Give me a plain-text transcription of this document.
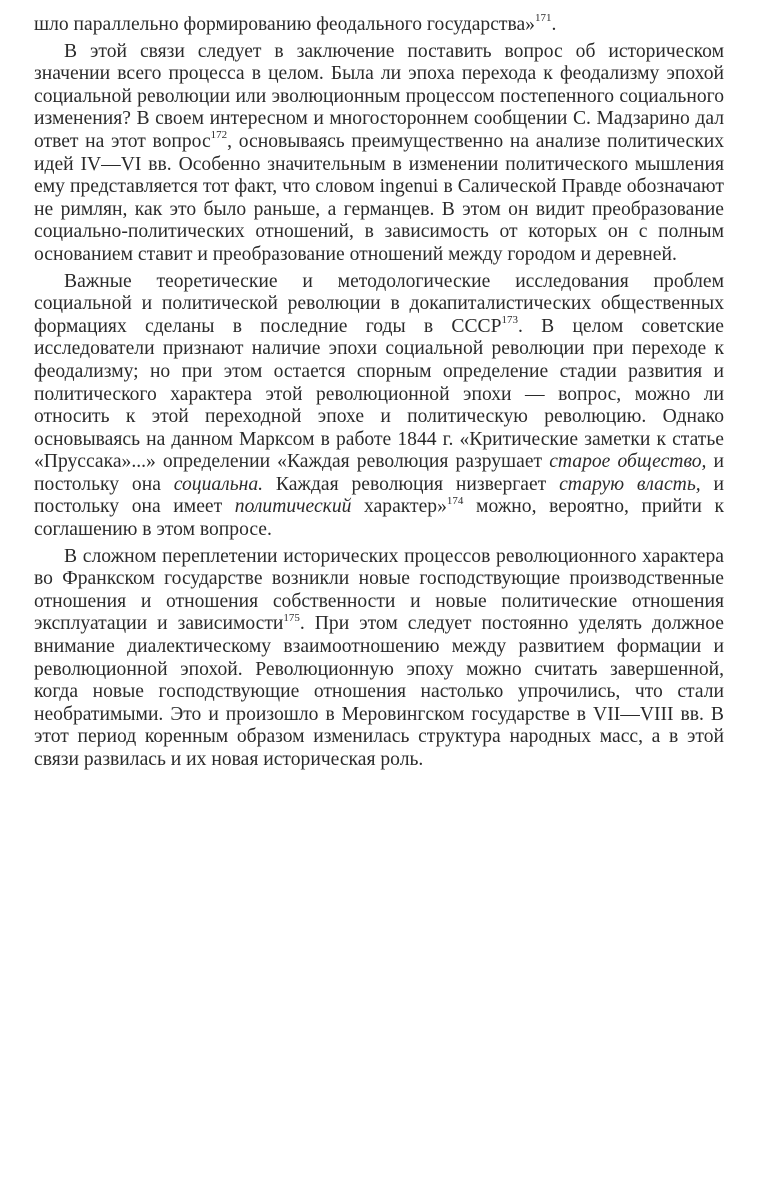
шло параллельно формированию феодального государства»$^{171}$.

В этой связи следует в заключение поставить вопрос об историческом значении всего процесса в целом. Была ли эпоха перехода к феодализму эпохой социальной революции или эволюционным процессом постепенного социального изменения? В своем интересном и многостороннем сообщении С. Мадзарино дал ответ на этот вопрос$^{172}$, основываясь преимущественно на анализе политических идей IV—VI вв. Особенно значительным в изменении политического мышления ему представляется тот факт, что словом ingenui в Салической Правде обозначают не римлян, как это было раньше, а германцев. В этом он видит преобразование социально-политических отношений, в зависимость от которых он с полным основанием ставит и преобразование отношений между городом и деревней.

Важные теоретические и методологические исследования проблем социальной и политической революции в докапиталистических общественных формациях сделаны в последние годы в СССР$^{173}$. В целом советские исследователи признают наличие эпохи социальной революции при переходе к феодализму; но при этом остается спорным определение стадии развития и политического характера этой революционной эпохи — вопрос, можно ли относить к этой переходной эпохе и политическую революцию. Однако основываясь на данном Марксом в работе 1844 г. «Критические заметки к статье «Пруссака»...» определении «Каждая революция разрушает старое общество, и постольку она социальна. Каждая революция низвергает старую власть, и постольку она имеет политический характер»$^{174}$ можно, вероятно, прийти к соглашению в этом вопросе.

В сложном переплетении исторических процессов революционного характера во Франкском государстве возникли новые господствующие производственные отношения и отношения собственности и новые политические отношения эксплуатации и зависимости$^{175}$. При этом следует постоянно уделять должное внимание диалектическому взаимоотношению между развитием формации и революционной эпохой. Революционную эпоху можно считать завершенной, когда новые господствующие отношения настолько упрочились, что стали необратимыми. Это и произошло в Меровингском государстве в VII—VIII вв. В этот период коренным образом изменилась структура народных масс, а в этой связи развилась и их новая историческая роль.
